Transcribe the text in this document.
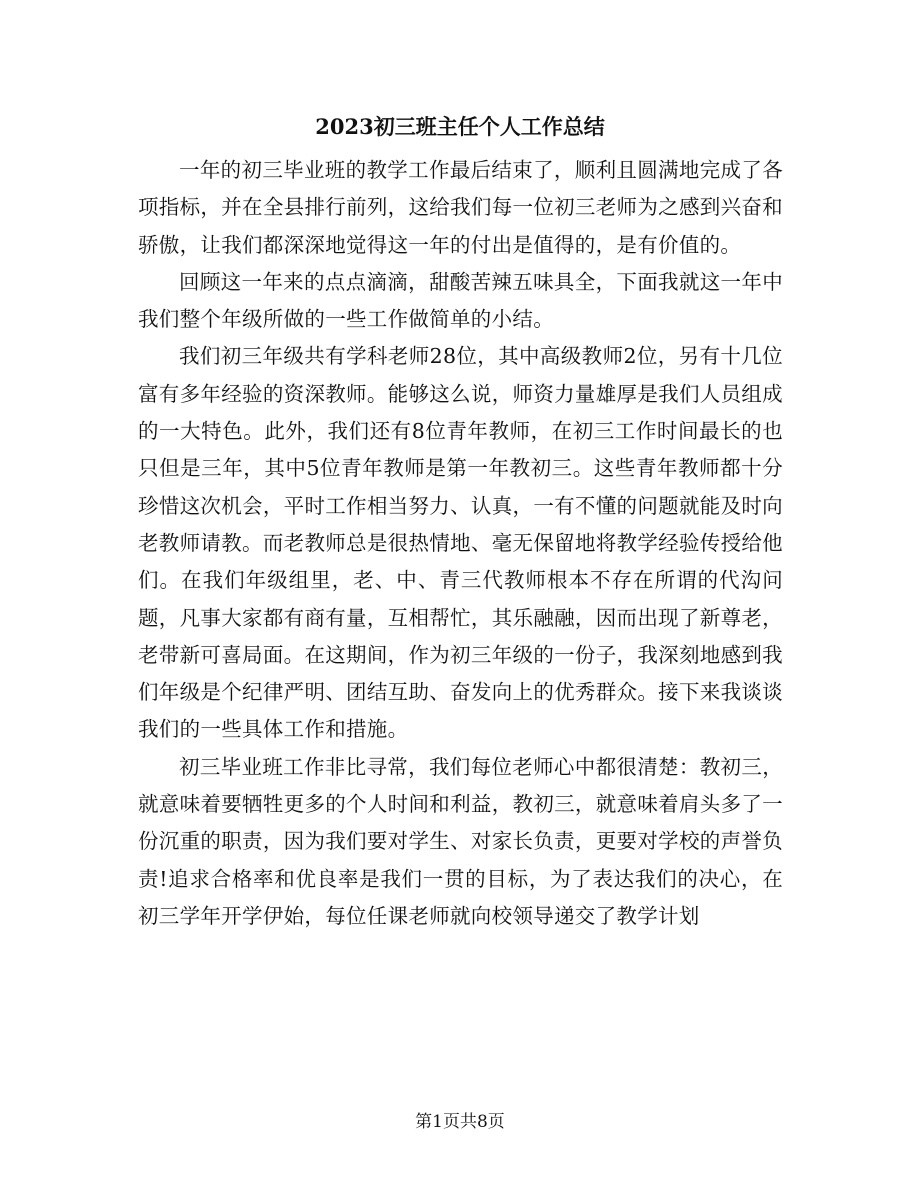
2023初三班主任个人工作总结

一年的初三毕业班的教学工作最后结束了，顺利且圆满地完成了各项指标，并在全县排行前列，这给我们每一位初三老师为之感到兴奋和骄傲，让我们都深深地觉得这一年的付出是值得的，是有价值的。

回顾这一年来的点点滴滴，甜酸苦辣五味具全，下面我就这一年中我们整个年级所做的一些工作做简单的小结。

我们初三年级共有学科老师28位，其中高级教师2位，另有十几位富有多年经验的资深教师。能够这么说，师资力量雄厚是我们人员组成的一大特色。此外，我们还有8位青年教师，在初三工作时间最长的也只但是三年，其中5位青年教师是第一年教初三。这些青年教师都十分珍惜这次机会，平时工作相当努力、认真，一有不懂的问题就能及时向老教师请教。而老教师总是很热情地、毫无保留地将教学经验传授给他们。在我们年级组里，老、中、青三代教师根本不存在所谓的代沟问题，凡事大家都有商有量，互相帮忙，其乐融融，因而出现了新尊老，老带新可喜局面。在这期间，作为初三年级的一份子，我深刻地感到我们年级是个纪律严明、团结互助、奋发向上的优秀群众。接下来我谈谈我们的一些具体工作和措施。

初三毕业班工作非比寻常，我们每位老师心中都很清楚：教初三，就意味着要牺牲更多的个人时间和利益，教初三，就意味着肩头多了一份沉重的职责，因为我们要对学生、对家长负责，更要对学校的声誉负责!追求合格率和优良率是我们一贯的目标，为了表达我们的决心，在初三学年开学伊始，每位任课老师就向校领导递交了教学计划

第1页共8页
